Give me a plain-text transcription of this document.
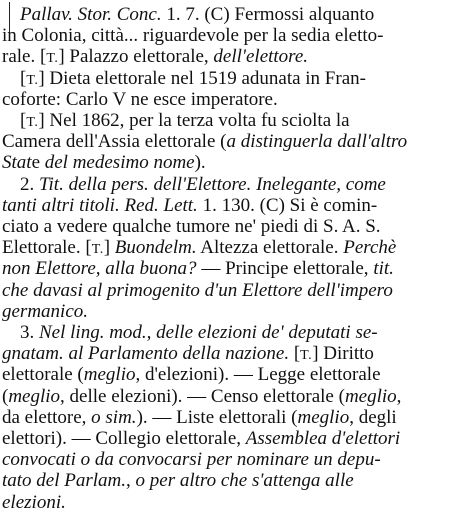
Pallav. Stor. Conc. 1. 7. (C) Fermossi alquanto
in Colonia, città... riguardevole per la sedia eletto-
rale. [T.] Palazzo elettorale, dell'elettore.
[T.] Dieta elettorale nel 1519 adunata in Fran-
coforte: Carlo V ne esce imperatore.
[T.] Nel 1862, per la terza volta fu sciolta la
Camera dell'Assia elettorale (a distinguerla dall'altro
State del medesimo nome).
2. Tit. della pers. dell'Elettore. Inelegante, come
tanti altri titoli. Red. Lett. 1. 130. (C) Si è comin-
ciato a vedere qualche tumore ne' piedi di S. A. S.
Elettorale. [T.] Buondelm. Altezza elettorale. Perchè
non Elettore, alla buona? — Principe elettorale, tit.
che davasi al primogenito d'un Elettore dell'impero
germanico.
3. Nel ling. mod., delle elezioni de' deputati se-
gnatam. al Parlamento della nazione. [T.] Diritto
elettorale (meglio, d'elezioni). — Legge elettorale
(meglio, delle elezioni). — Censo elettorale (meglio,
da elettore, o sim.). — Liste elettorali (meglio, degli
elettori). — Collegio elettorale, Assemblea d'elettori
convocati o da convocarsi per nominare un depu-
tato del Parlam., o per altro che s'attenga alle
elezioni.
